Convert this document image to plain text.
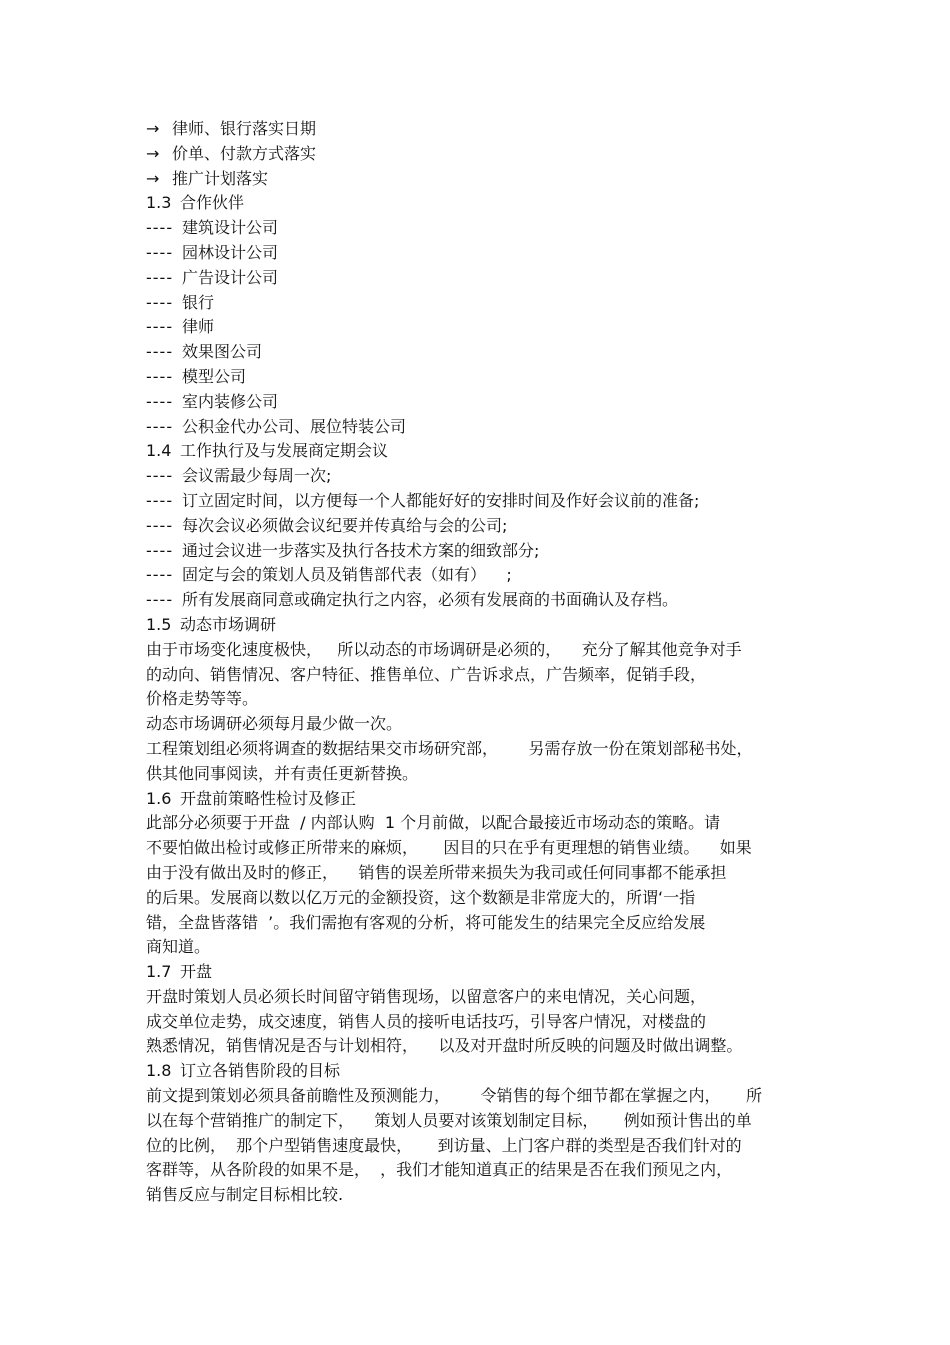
→ 律师、银行落实日期
→ 价单、付款方式落实
→ 推广计划落实
1.3 合作伙伴
---- 建筑设计公司
---- 园林设计公司
---- 广告设计公司
---- 银行
---- 律师
---- 效果图公司
---- 模型公司
---- 室内装修公司
---- 公积金代办公司、展位特装公司
1.4 工作执行及与发展商定期会议
---- 会议需最少每周一次;
---- 订立固定时间，以方便每一个人都能好好的安排时间及作好会议前的准备;
---- 每次会议必须做会议纪要并传真给与会的公司;
---- 通过会议进一步落实及执行各技术方案的细致部分;
---- 固定与会的策划人员及销售部代表（如有）    ;
---- 所有发展商同意或确定执行之内容，必须有发展商的书面确认及存档。
1.5 动态市场调研
由于市场变化速度极快，   所以动态的市场调研是必须的，    充分了解其他竞争对手
的动向、销售情况、客户特征、推售单位、广告诉求点，广告频率，促销手段，
价格走势等等。
动态市场调研必须每月最少做一次。
工程策划组必须将调查的数据结果交市场研究部，      另需存放一份在策划部秘书处，
供其他同事阅读，并有责任更新替换。
1.6 开盘前策略性检讨及修正
此部分必须要于开盘  / 内部认购  1 个月前做，以配合最接近市场动态的策略。请
不要怕做出检讨或修正所带来的麻烦，     因目的只在乎有更理想的销售业绩。    如果
由于没有做出及时的修正，    销售的误差所带来损失为我司或任何同事都不能承担
的后果。发展商以数以亿万元的金额投资，这个数额是非常庞大的，所谓‘一指
错，全盘皆落错  ’。我们需抱有客观的分析，将可能发生的结果完全反应给发展
商知道。
1.7 开盘
开盘时策划人员必须长时间留守销售现场，以留意客户的来电情况，关心问题，
成交单位走势，成交速度，销售人员的接听电话技巧，引导客户情况，对楼盘的
熟悉情况，销售情况是否与计划相符，    以及对开盘时所反映的问题及时做出调整。
1.8 订立各销售阶段的目标
前文提到策划必须具备前瞻性及预测能力，      令销售的每个细节都在掌握之内，     所
以在每个营销推广的制定下，    策划人员要对该策划制定目标，     例如预计售出的单
位的比例，  那个户型销售速度最快，     到访量、上门客户群的类型是否我们针对的
客群等，从各阶段的如果不是，  ，我们才能知道真正的结果是否在我们预见之内，
销售反应与制定目标相比较.
